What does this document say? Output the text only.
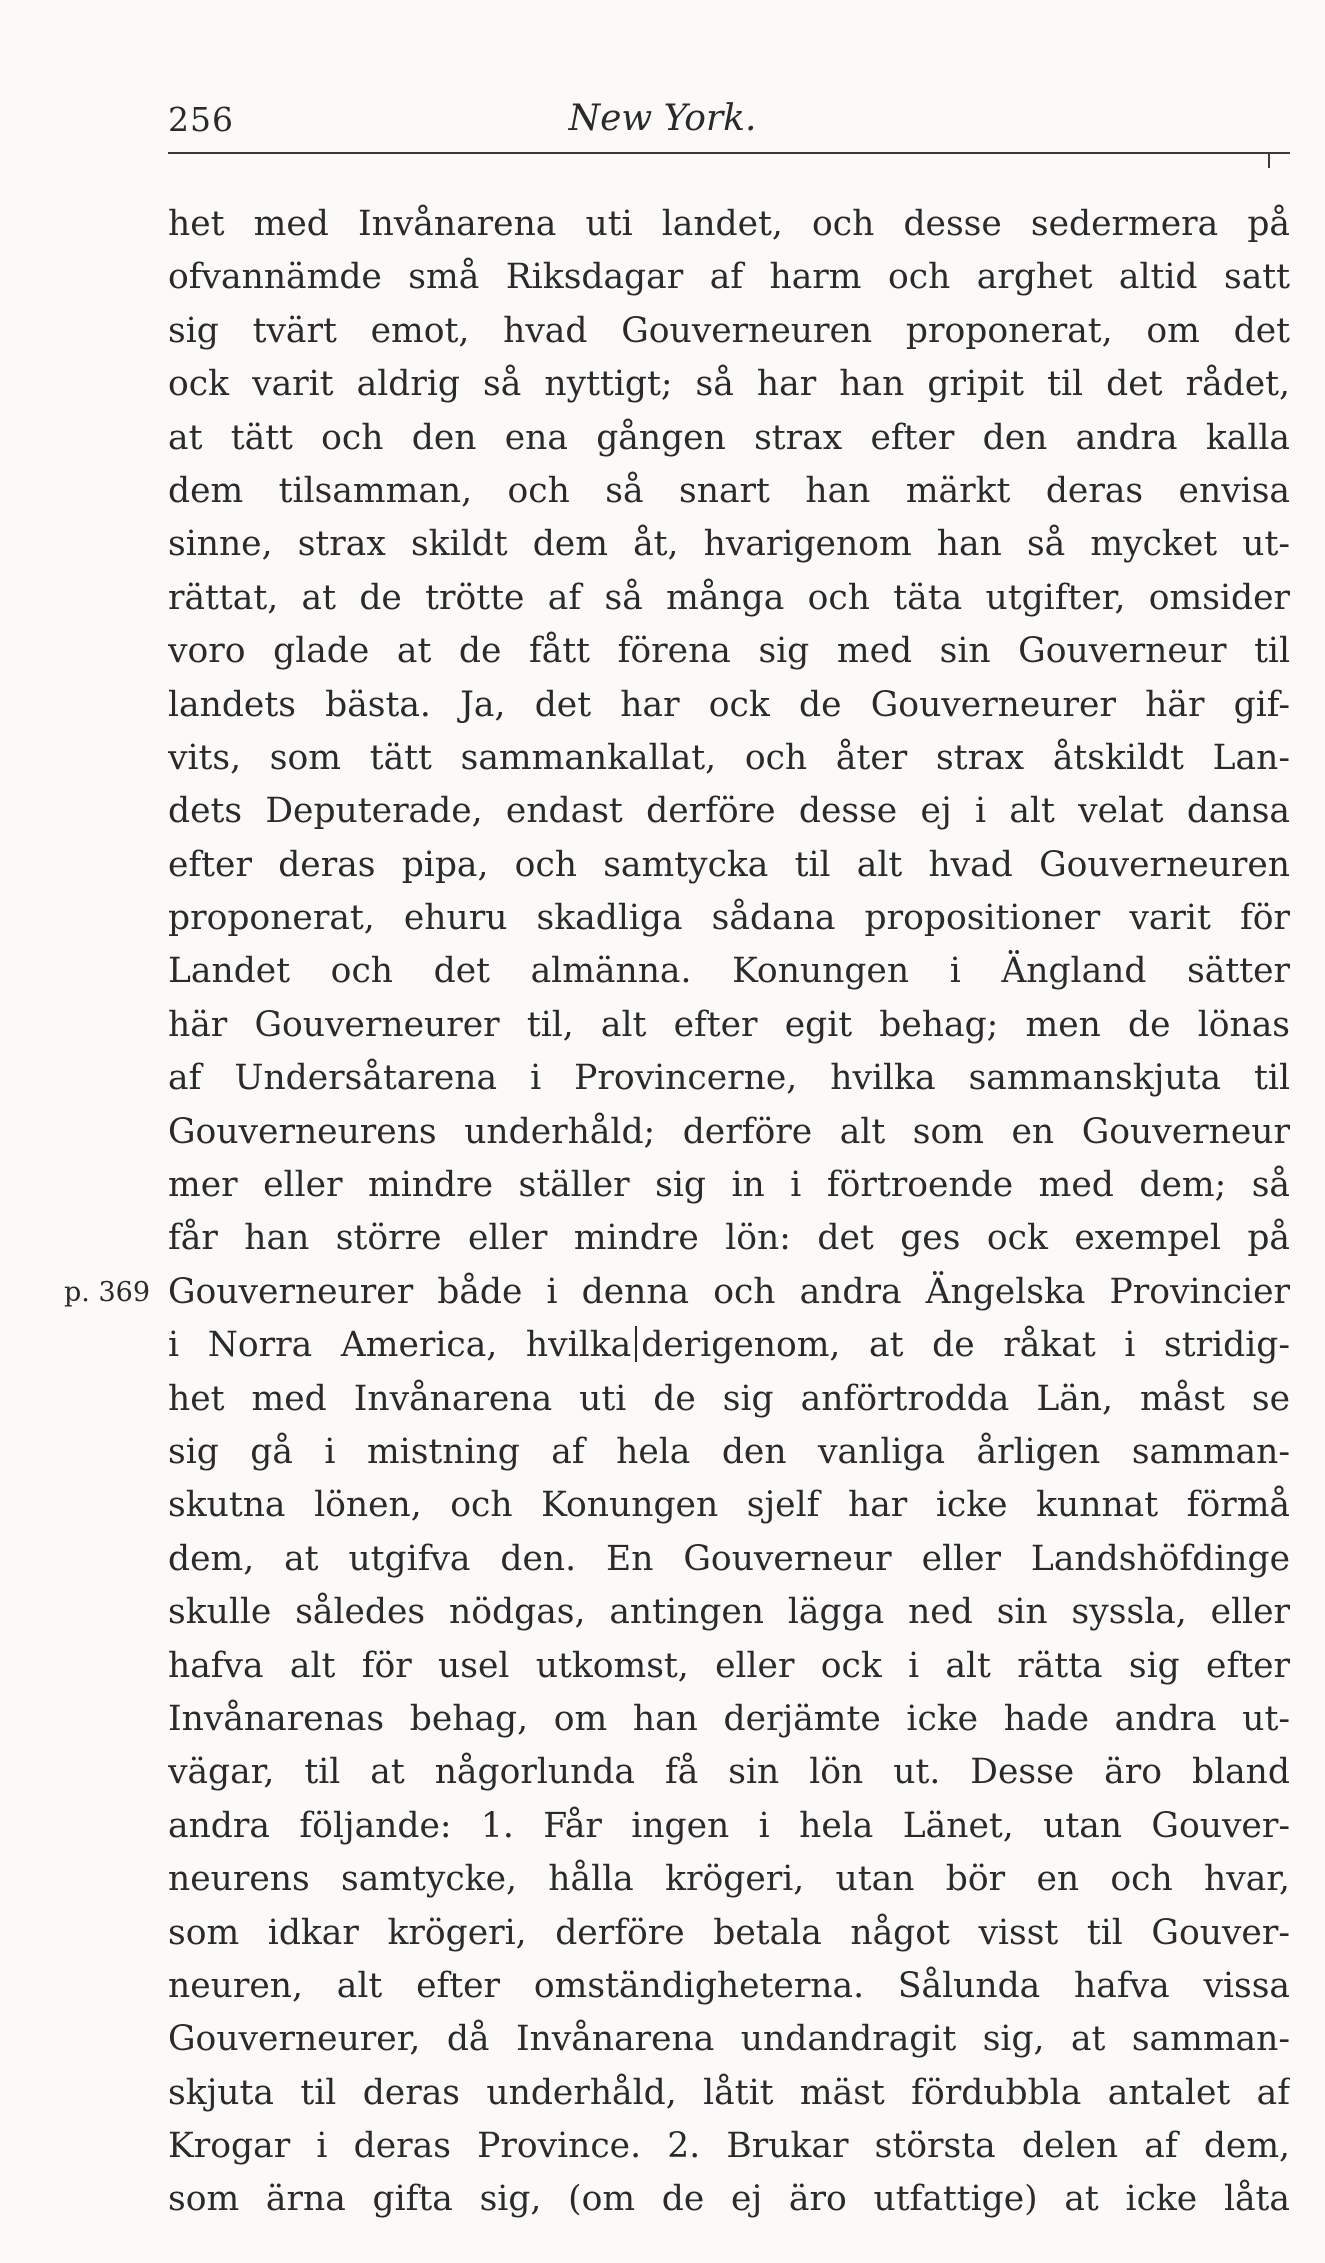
256	New York.
p. 369
het med Invånarena uti landet, och desse sedermera på
ofvannämde små Riksdagar af harm och arghet altid satt
sig tvärt emot, hvad Gouverneuren proponerat, om det
ock varit aldrig så nyttigt; så har han gripit til det rådet,
at tätt och den ena gången strax efter den andra kalla
dem tilsamman, och så snart han märkt deras envisa
sinne, strax skildt dem åt, hvarigenom han så mycket ut-
rättat, at de trötte af så många och täta utgifter, omsider
voro glade at de fått förena sig med sin Gouverneur til
landets bästa. Ja, det har ock de Gouverneurer här gif-
vits, som tätt sammankallat, och åter strax åtskildt Lan-
dets Deputerade, endast derföre desse ej i alt velat dansa
efter deras pipa, och samtycka til alt hvad Gouverneuren
proponerat, ehuru skadliga sådana propositioner varit för
Landet och det almänna. Konungen i Ängland sätter
här Gouverneurer til, alt efter egit behag; men de lönas
af Undersåtarena i Provincerne, hvilka sammanskjuta til
Gouverneurens underhåld; derföre alt som en Gouverneur
mer eller mindre ställer sig in i förtroende med dem; så
får han större eller mindre lön: det ges ock exempel på
Gouverneurer både i denna och andra Ängelska Provincier
i Norra America, hvilka derigenom, at de råkat i stridig-
het med Invånarena uti de sig anförtrodda Län, måst se
sig gå i mistning af hela den vanliga årligen samman-
skutna lönen, och Konungen sjelf har icke kunnat förmå
dem, at utgifva den. En Gouverneur eller Landshöfdinge
skulle således nödgas, antingen lägga ned sin syssla, eller
hafva alt för usel utkomst, eller ock i alt rätta sig efter
Invånarenas behag, om han derjämte icke hade andra ut-
vägar, til at någorlunda få sin lön ut. Desse äro bland
andra följande: 1. Får ingen i hela Länet, utan Gouver-
neurens samtycke, hålla krögeri, utan bör en och hvar,
som idkar krögeri, derföre betala något visst til Gouver-
neuren, alt efter omständigheterna. Sålunda hafva vissa
Gouverneurer, då Invånarena undandragit sig, at samman-
skjuta til deras underhåld, låtit mäst fördubbla antalet af
Krogar i deras Province. 2. Brukar största delen af dem,
som ärna gifta sig, (om de ej äro utfattige) at icke låta
